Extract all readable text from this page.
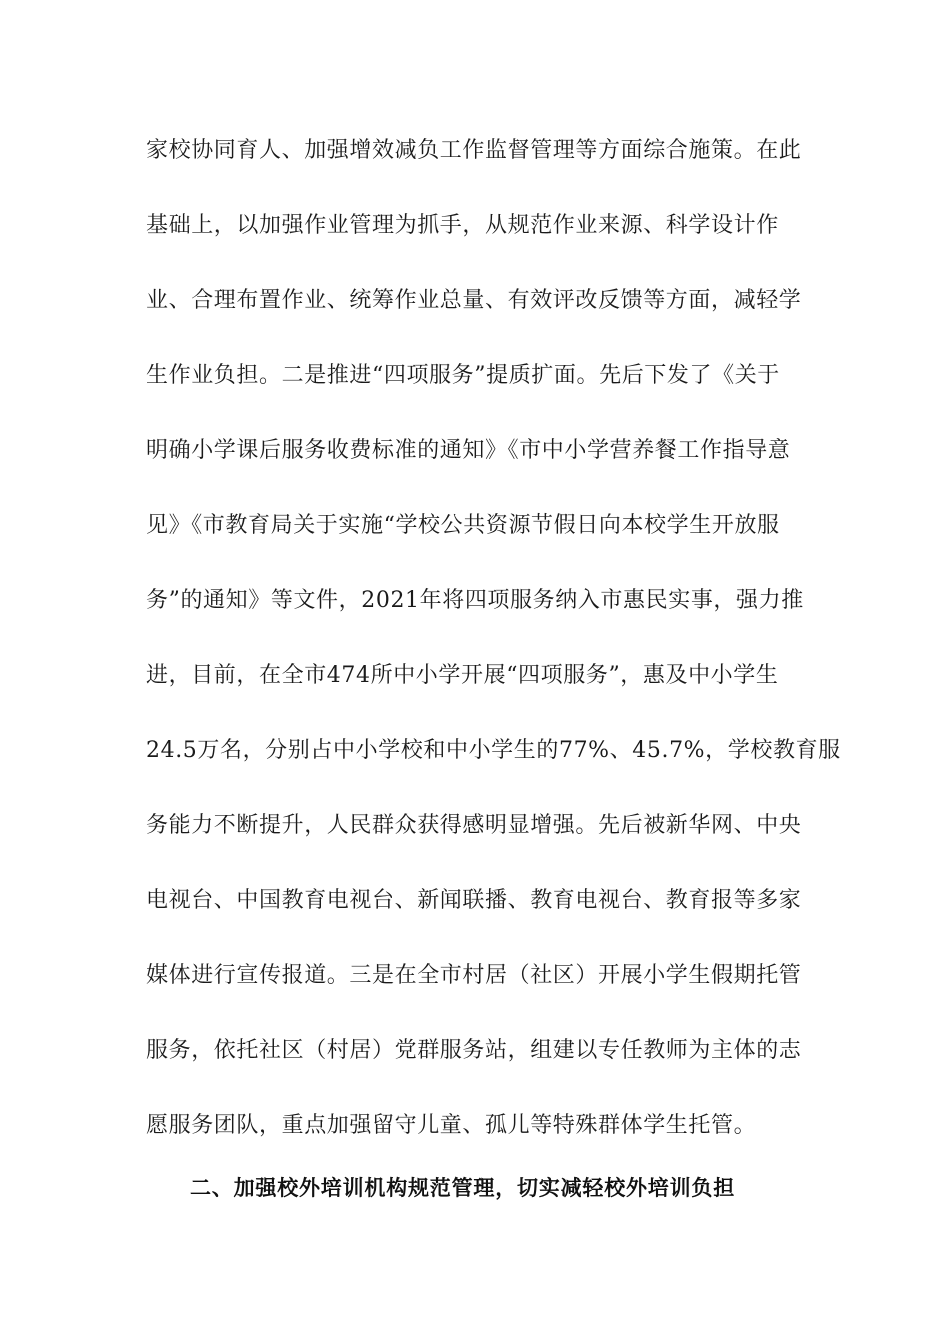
家校协同育人、加强增效减负工作监督管理等方面综合施策。在此
基础上，以加强作业管理为抓手，从规范作业来源、科学设计作
业、合理布置作业、统筹作业总量、有效评改反馈等方面，减轻学
生作业负担。二是推进“四项服务”提质扩面。先后下发了《关于
明确小学课后服务收费标准的通知》《市中小学营养餐工作指导意
见》《市教育局关于实施“学校公共资源节假日向本校学生开放服
务”的通知》等文件，2021年将四项服务纳入市惠民实事，强力推
进，目前，在全市474所中小学开展“四项服务”，惠及中小学生
24.5万名，分别占中小学校和中小学生的77%、45.7%，学校教育服
务能力不断提升，人民群众获得感明显增强。先后被新华网、中央
电视台、中国教育电视台、新闻联播、教育电视台、教育报等多家
媒体进行宣传报道。三是在全市村居（社区）开展小学生假期托管
服务，依托社区（村居）党群服务站，组建以专任教师为主体的志
愿服务团队，重点加强留守儿童、孤儿等特殊群体学生托管。
二、加强校外培训机构规范管理，切实减轻校外培训负担
